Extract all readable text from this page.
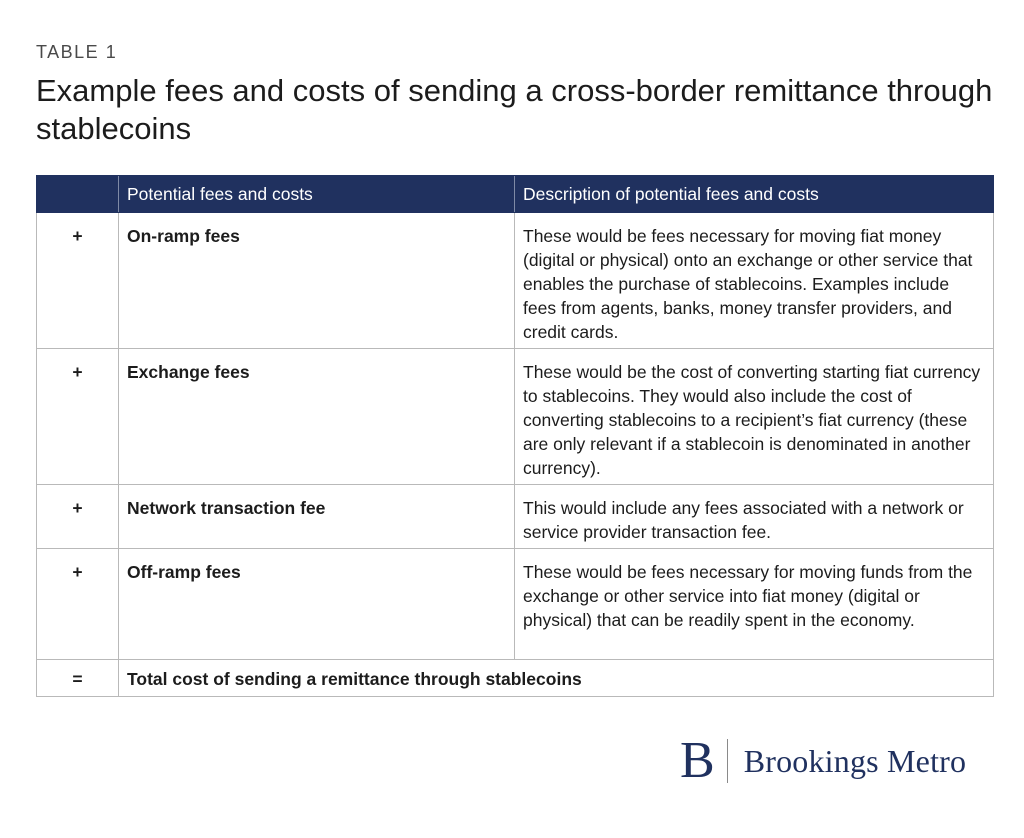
TABLE 1
Example fees and costs of sending a cross-border remittance through stablecoins
	Potential fees and costs	Description of potential fees and costs
+	On-ramp fees	These would be fees necessary for moving fiat money (digital or physical) onto an exchange or other service that enables the purchase of stablecoins. Examples include fees from agents, banks, money transfer providers, and credit cards.
+	Exchange fees	These would be the cost of converting starting fiat currency to stablecoins. They would also include the cost of converting stablecoins to a recipient’s fiat currency (these are only relevant if a stablecoin is denominated in another currency).
+	Network transaction fee	This would include any fees associated with a network or service provider transaction fee.
+	Off-ramp fees	These would be fees necessary for moving funds from the exchange or other service into fiat money (digital or physical) that can be readily spent in the economy.
=	Total cost of sending a remittance through stablecoins	
B Brookings Metro
